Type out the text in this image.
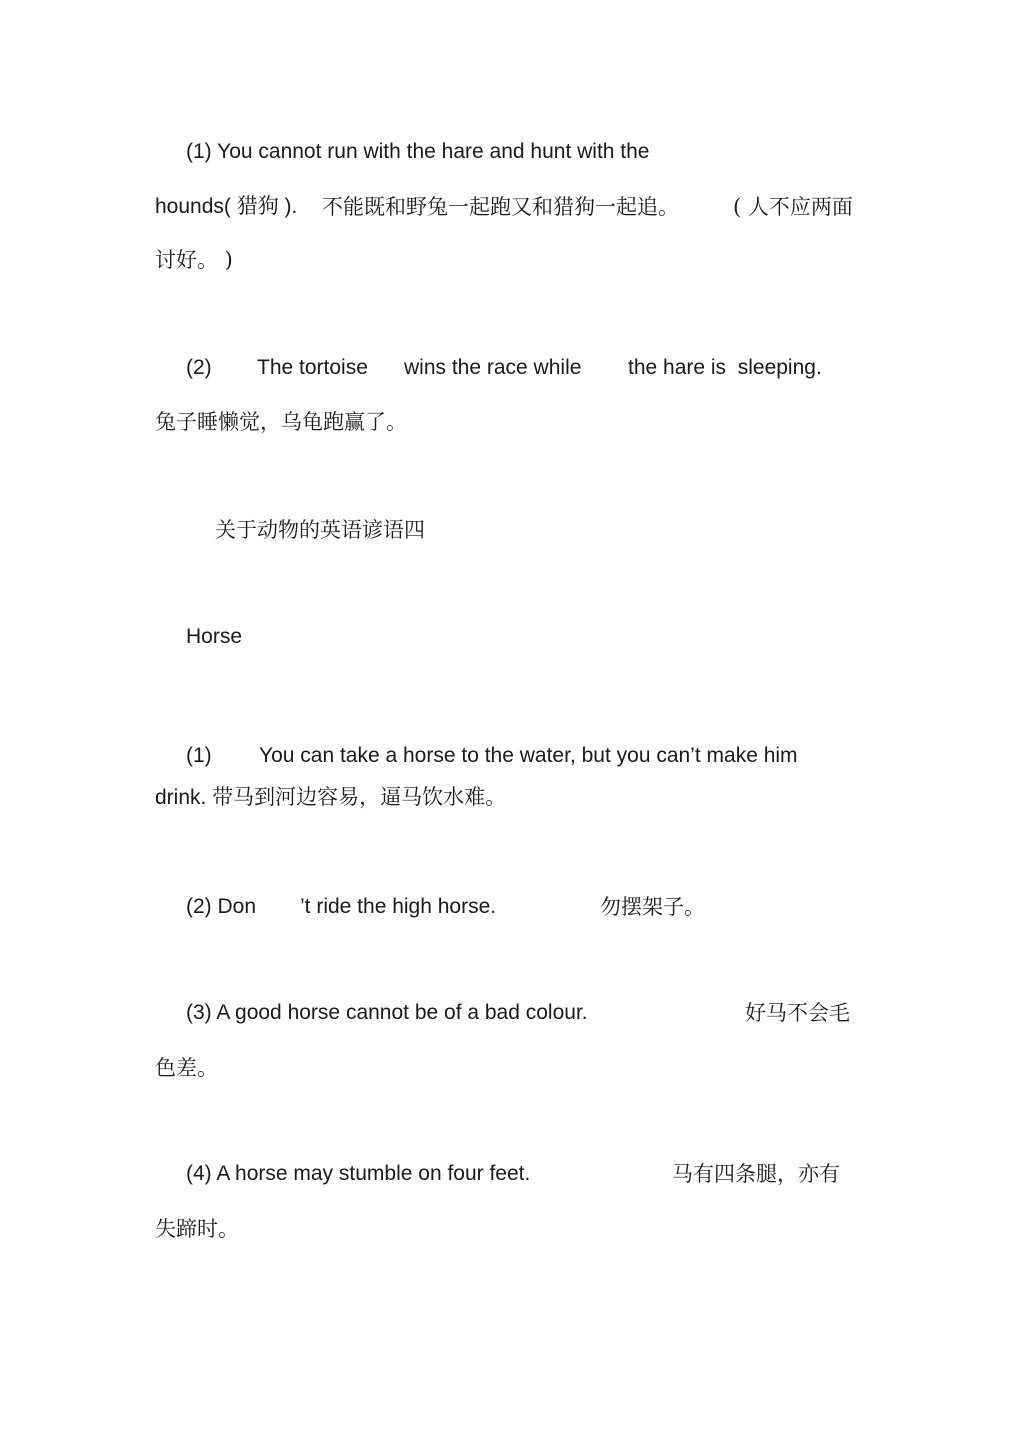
(1) You cannot run with the hare and hunt with the
hounds( 猎狗 ). 不能既和野兔一起跑又和猎狗一起追。	( 人不应两面
讨好。 )
(2) The tortoise wins the race while the hare is  sleeping.
兔子睡懒觉，乌龟跑赢了。
关于动物的英语谚语四
Horse
(1) You can take a horse to the water, but you can’t make him
drink. 带马到河边容易，逼马饮水难。
(2) Don ’t ride the high horse.	勿摆架子。
(3) A good horse cannot be of a bad colour.	好马不会毛
色差。
(4) A horse may stumble on four feet.	马有四条腿，亦有
失蹄时。
